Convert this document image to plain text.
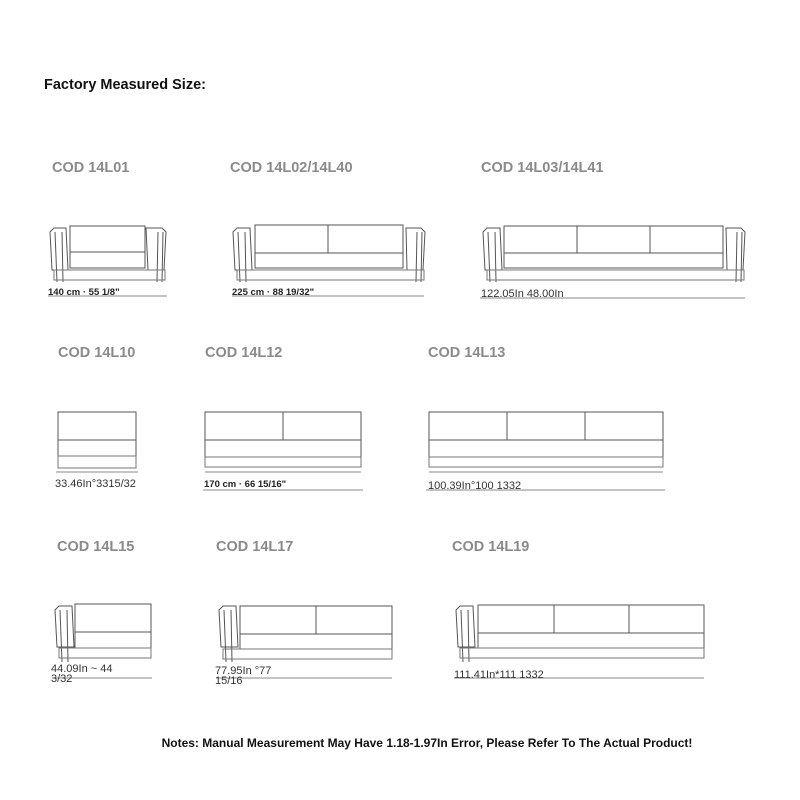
Factory Measured Size:
COD 14L01	COD 14L02/14L40	COD 14L03/14L41
COD 14L10	COD 14L12	COD 14L13
COD 14L15	COD 14L17	COD 14L19
140 cm · 55 1/8"	225 cm · 88 19/32"	122.05In 48.00In
33.46In°3315/32	170 cm · 66 15/16"	100.39In°100 1332
44.09In ~ 44 3/32
77.95In °77 15/16	111.41In*111 1332
Notes: Manual Measurement May Have 1.18-1.97In Error, Please Refer To The Actual Product!
